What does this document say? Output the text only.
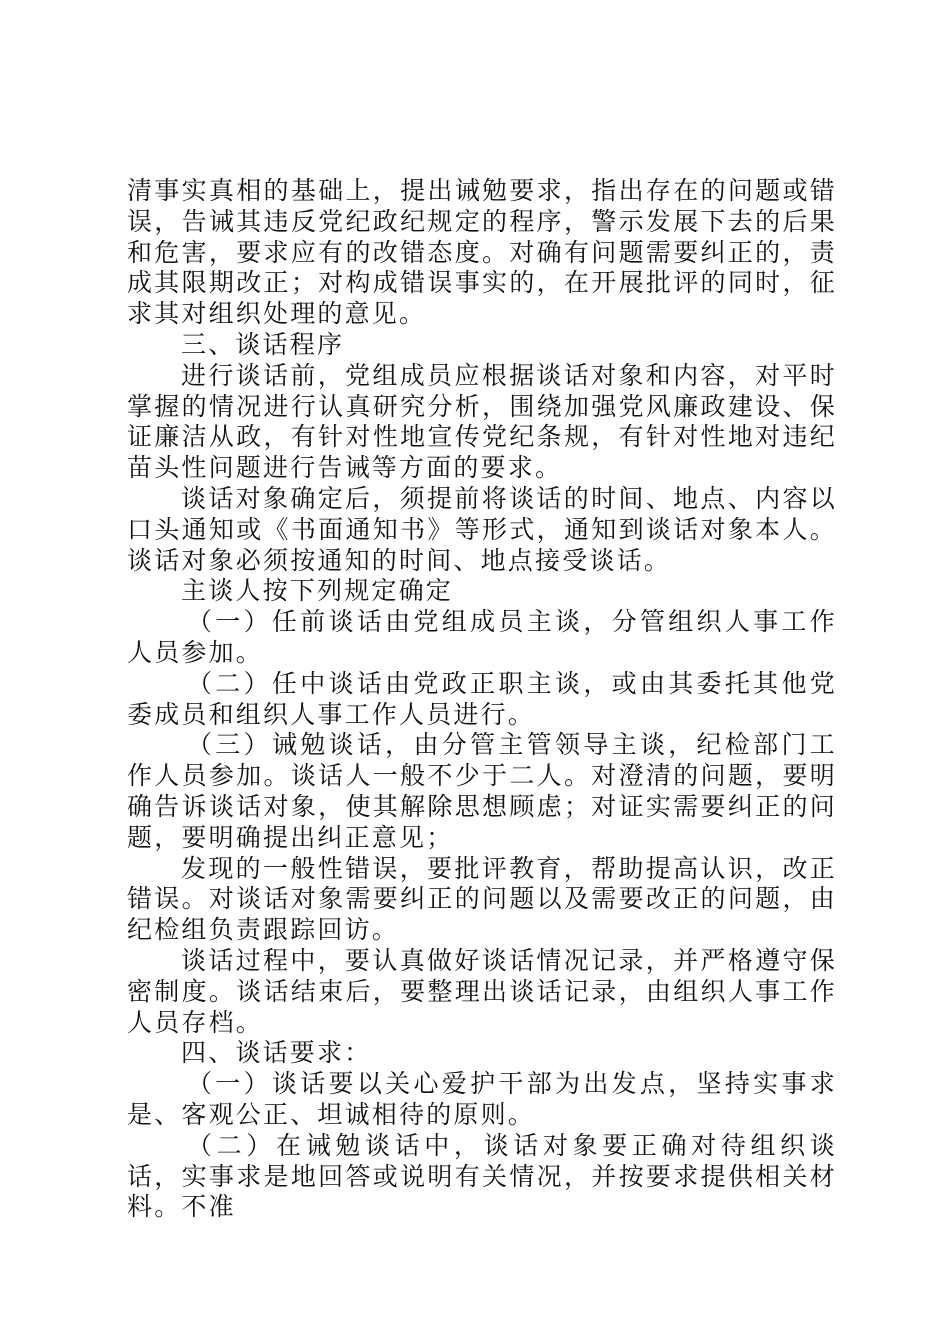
清事实真相的基础上，提出诫勉要求，指出存在的问题或错误，告诫其违反党纪政纪规定的程序，警示发展下去的后果和危害，要求应有的改错态度。对确有问题需要纠正的，责成其限期改正；对构成错误事实的，在开展批评的同时，征求其对组织处理的意见。

三、谈话程序

进行谈话前，党组成员应根据谈话对象和内容，对平时掌握的情况进行认真研究分析，围绕加强党风廉政建设、保证廉洁从政，有针对性地宣传党纪条规，有针对性地对违纪苗头性问题进行告诫等方面的要求。

谈话对象确定后，须提前将谈话的时间、地点、内容以口头通知或《书面通知书》等形式，通知到谈话对象本人。谈话对象必须按通知的时间、地点接受谈话。

主谈人按下列规定确定

（一）任前谈话由党组成员主谈，分管组织人事工作人员参加。

（二）任中谈话由党政正职主谈，或由其委托其他党委成员和组织人事工作人员进行。

（三）诫勉谈话，由分管主管领导主谈，纪检部门工作人员参加。谈话人一般不少于二人。对澄清的问题，要明确告诉谈话对象，使其解除思想顾虑；对证实需要纠正的问题，要明确提出纠正意见；

发现的一般性错误，要批评教育，帮助提高认识，改正错误。对谈话对象需要纠正的问题以及需要改正的问题，由纪检组负责跟踪回访。

谈话过程中，要认真做好谈话情况记录，并严格遵守保密制度。谈话结束后，要整理出谈话记录，由组织人事工作人员存档。

四、谈话要求：

（一）谈话要以关心爱护干部为出发点，坚持实事求是、客观公正、坦诚相待的原则。

（二）在诫勉谈话中，谈话对象要正确对待组织谈话，实事求是地回答或说明有关情况，并按要求提供相关材料。不准
